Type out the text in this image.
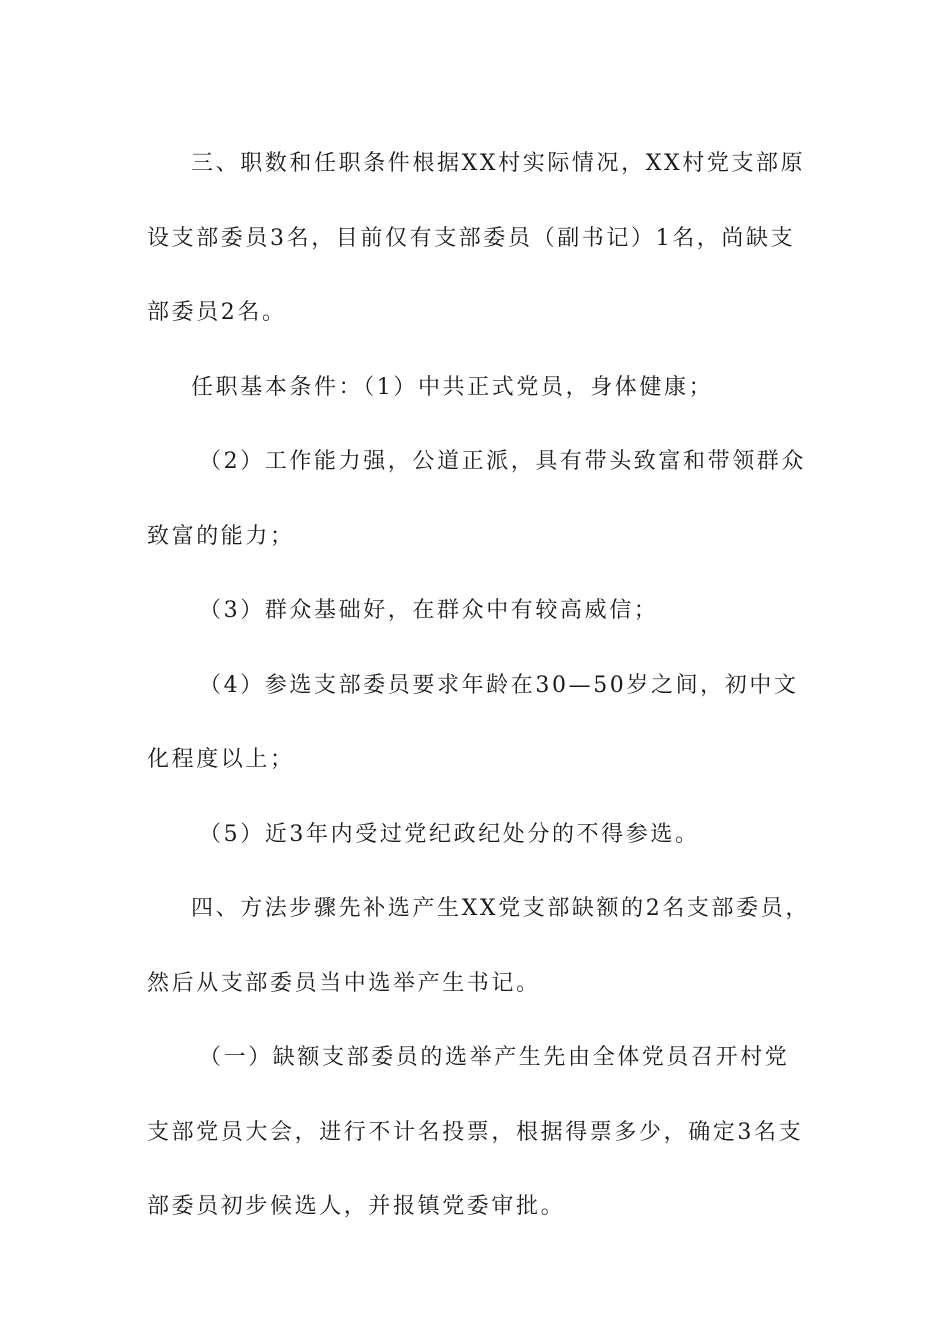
三、职数和任职条件根据XX村实际情况，XX村党支部原设支部委员3名，目前仅有支部委员（副书记）1名，尚缺支部委员2名。

任职基本条件：（1）中共正式党员，身体健康；

（2）工作能力强，公道正派，具有带头致富和带领群众致富的能力；

（3）群众基础好，在群众中有较高威信；

（4）参选支部委员要求年龄在30—50岁之间，初中文化程度以上；

（5）近3年内受过党纪政纪处分的不得参选。

四、方法步骤先补选产生XX党支部缺额的2名支部委员，然后从支部委员当中选举产生书记。

（一）缺额支部委员的选举产生先由全体党员召开村党支部党员大会，进行不计名投票，根据得票多少，确定3名支部委员初步候选人，并报镇党委审批。
